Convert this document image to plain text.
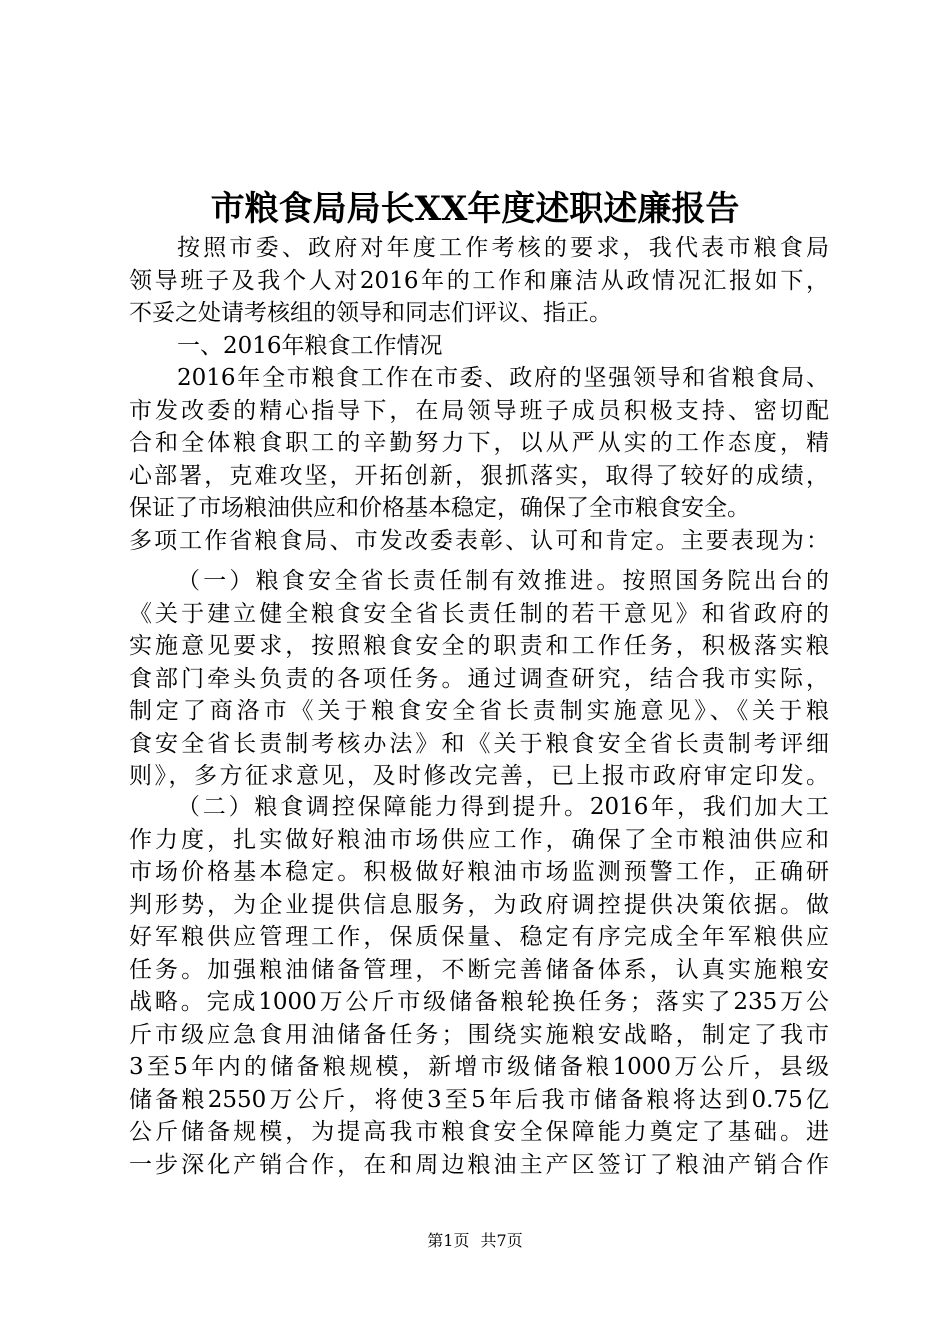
市粮食局局长XX年度述职述廉报告
按照市委、政府对年度工作考核的要求，我代表市粮食局
领导班子及我个人对2016年的工作和廉洁从政情况汇报如下，
不妥之处请考核组的领导和同志们评议、指正。
一、2016年粮食工作情况
2016年全市粮食工作在市委、政府的坚强领导和省粮食局、
市发改委的精心指导下，在局领导班子成员积极支持、密切配
合和全体粮食职工的辛勤努力下，以从严从实的工作态度，精
心部署，克难攻坚，开拓创新，狠抓落实，取得了较好的成绩，
保证了市场粮油供应和价格基本稳定，确保了全市粮食安全。
多项工作省粮食局、市发改委表彰、认可和肯定。主要表现为：
（一）粮食安全省长责任制有效推进。按照国务院出台的
《关于建立健全粮食安全省长责任制的若干意见》和省政府的
实施意见要求，按照粮食安全的职责和工作任务，积极落实粮
食部门牵头负责的各项任务。通过调查研究，结合我市实际，
制定了商洛市《关于粮食安全省长责制实施意见》、《关于粮
食安全省长责制考核办法》和《关于粮食安全省长责制考评细
则》，多方征求意见，及时修改完善，已上报市政府审定印发。
（二）粮食调控保障能力得到提升。2016年，我们加大工
作力度，扎实做好粮油市场供应工作，确保了全市粮油供应和
市场价格基本稳定。积极做好粮油市场监测预警工作，正确研
判形势，为企业提供信息服务，为政府调控提供决策依据。做
好军粮供应管理工作，保质保量、稳定有序完成全年军粮供应
任务。加强粮油储备管理，不断完善储备体系，认真实施粮安
战略。完成1000万公斤市级储备粮轮换任务；落实了235万公
斤市级应急食用油储备任务；围绕实施粮安战略，制定了我市
3至5年内的储备粮规模，新增市级储备粮1000万公斤，县级
储备粮2550万公斤，将使3至5年后我市储备粮将达到0.75亿
公斤储备规模，为提高我市粮食安全保障能力奠定了基础。进
一步深化产销合作，在和周边粮油主产区签订了粮油产销合作
第1页 共7页
